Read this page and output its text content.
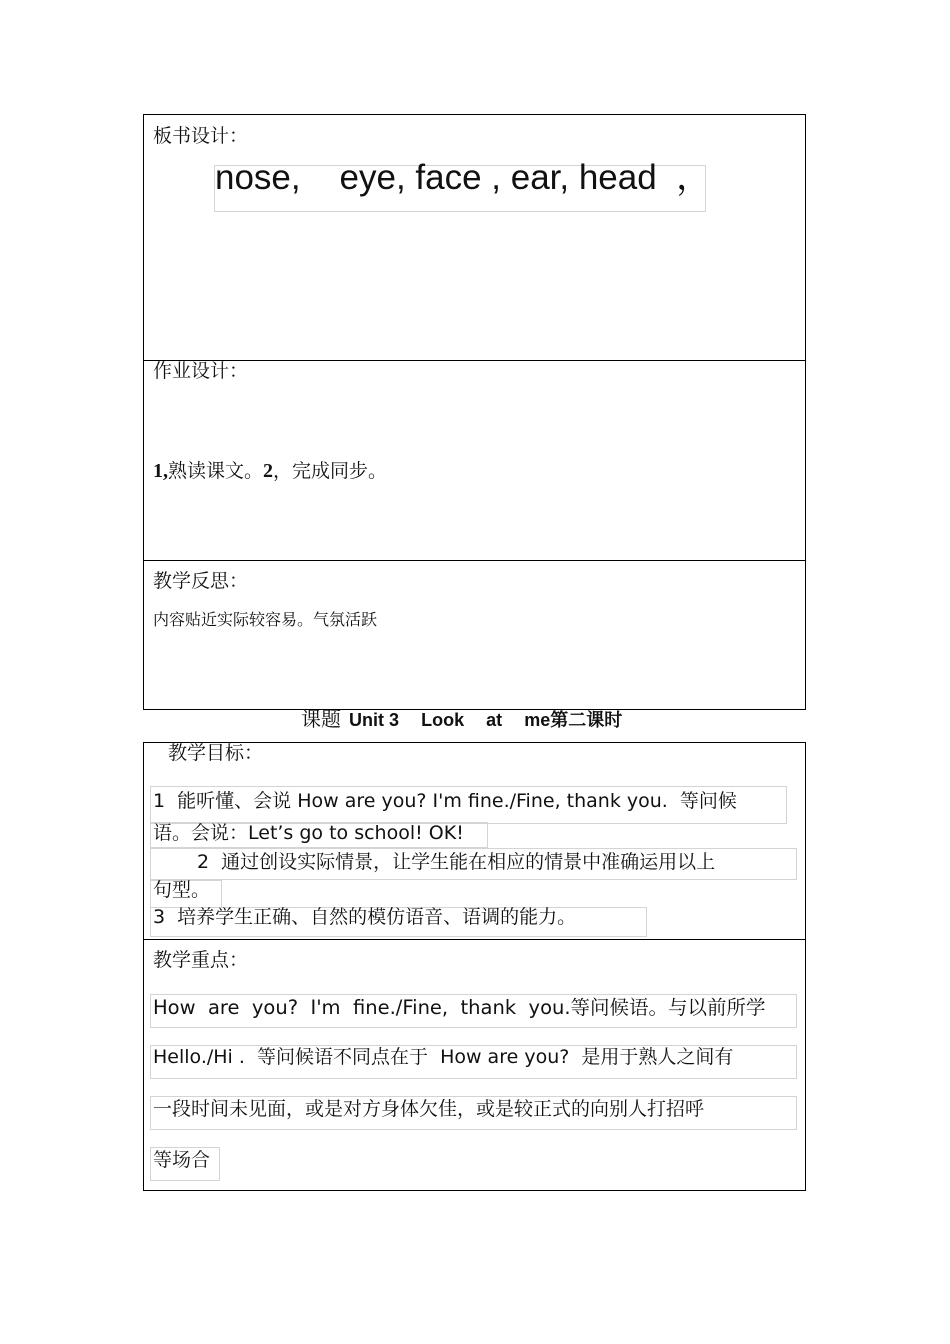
板书设计：
nose,    eye, face , ear, head  ，
作业设计：
1,熟读课文。2，完成同步。
教学反思：
内容贴近实际较容易。气氛活跃
课题 Unit 3 Look at me第二课时
教学目标：
1  能听懂、会说 How are you? I'm fine./Fine, thank you.  等问候
语。会说：Let’s go to school! OK!
2  通过创设实际情景，让学生能在相应的情景中准确运用以上
句型。
3  培养学生正确、自然的模仿语音、语调的能力。
教学重点：
How  are  you?  I'm  fine./Fine,  thank  you.等问候语。与以前所学
Hello./Hi .  等问候语不同点在于  How are you?  是用于熟人之间有
一段时间未见面，或是对方身体欠佳，或是较正式的向别人打招呼
等场合
